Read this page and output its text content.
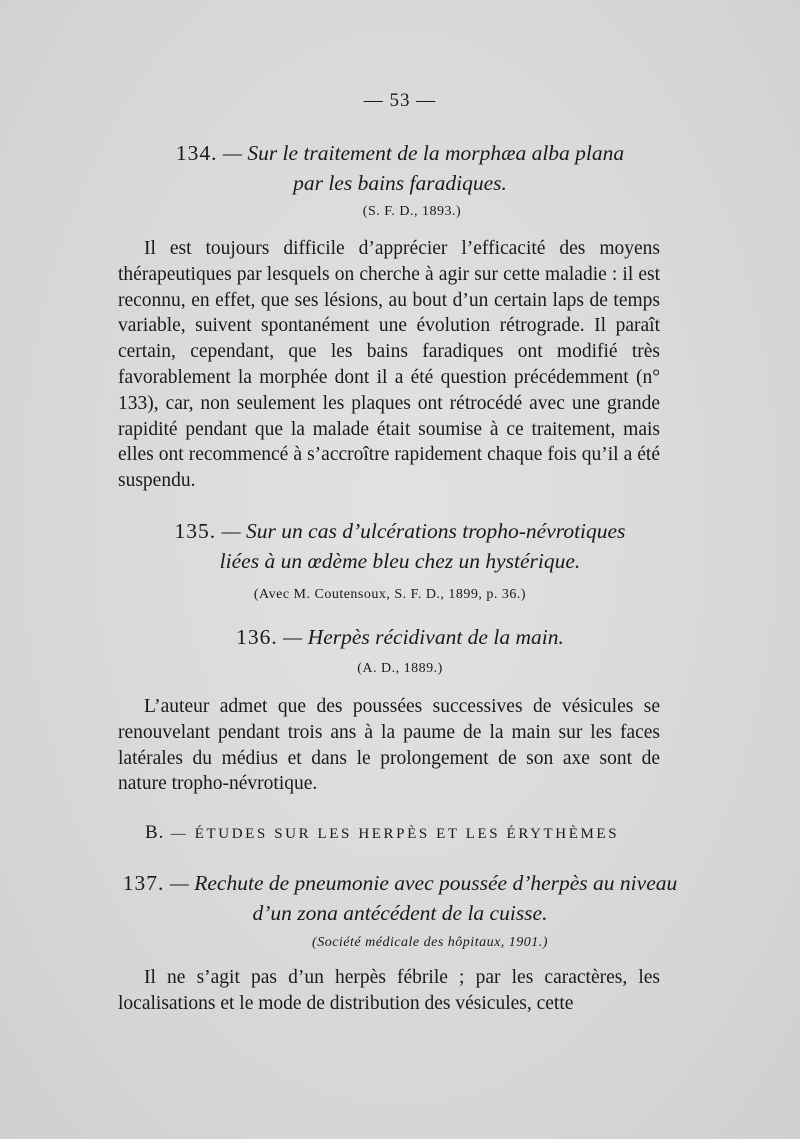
— 53 —
134. — Sur le traitement de la morphæa alba plana
par les bains faradiques.
(S. F. D., 1893.)
Il est toujours difficile d’apprécier l’efficacité des moyens thérapeutiques par lesquels on cherche à agir sur cette maladie : il est reconnu, en effet, que ses lésions, au bout d’un certain laps de temps variable, suivent spontanément une évolution rétrograde. Il paraît certain, cependant, que les bains faradiques ont modifié très favorablement la morphée dont il a été question précédemment (n° 133), car, non seulement les plaques ont rétrocédé avec une grande rapidité pendant que la malade était soumise à ce traitement, mais elles ont recommencé à s’accroître rapidement chaque fois qu’il a été suspendu.
135. — Sur un cas d’ulcérations tropho-névrotiques
liées à un œdème bleu chez un hystérique.
(Avec M. Coutensoux, S. F. D., 1899, p. 36.)
136. — Herpès récidivant de la main.
(A. D., 1889.)
L’auteur admet que des poussées successives de vésicules se renouvelant pendant trois ans à la paume de la main sur les faces latérales du médius et dans le prolongement de son axe sont de nature tropho-névrotique.
B. — ÉTUDES SUR LES HERPÈS ET LES ÉRYTHÈMES
137. — Rechute de pneumonie avec poussée d’herpès au niveau
d’un zona antécédent de la cuisse.
(Société médicale des hôpitaux, 1901.)
Il ne s’agit pas d’un herpès fébrile ; par les caractères, les localisations et le mode de distribution des vésicules, cette
